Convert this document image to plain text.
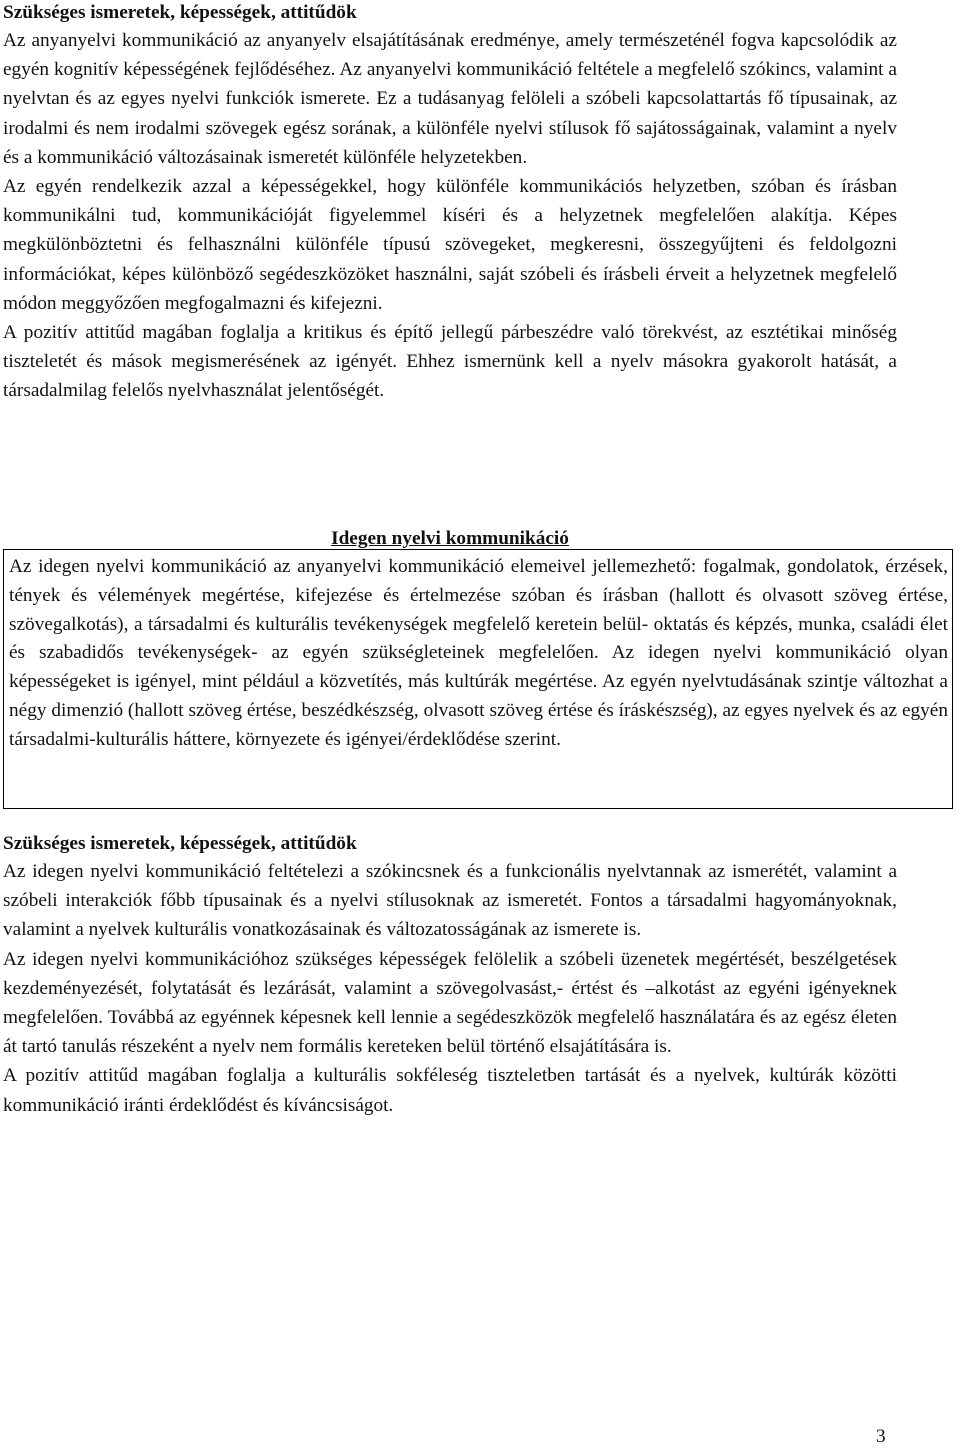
Szükséges ismeretek, képességek, attitűdök

Az anyanyelvi kommunikáció az anyanyelv elsajátításának eredménye, amely természeténél fogva kapcsolódik az egyén kognitív képességének fejlődéséhez. Az anyanyelvi kommunikáció feltétele a megfelelő szókincs, valamint a nyelvtan és az egyes nyelvi funkciók ismerete. Ez a tudásanyag felöleli a szóbeli kapcsolattartás fő típusainak, az irodalmi és nem irodalmi szövegek egész sorának, a különféle nyelvi stílusok fő sajátosságainak, valamint a nyelv és a kommunikáció változásainak ismeretét különféle helyzetekben.

Az egyén rendelkezik azzal a képességekkel, hogy különféle kommunikációs helyzetben, szóban és írásban kommunikálni tud, kommunikációját figyelemmel kíséri és a helyzetnek megfelelően alakítja. Képes megkülönböztetni és felhasználni különféle típusú szövegeket, megkeresni, összegyűjteni és feldolgozni információkat, képes különböző segédeszközöket használni, saját szóbeli és írásbeli érveit a helyzetnek megfelelő módon meggyőzően megfogalmazni és kifejezni.

A pozitív attitűd magában foglalja a kritikus és építő jellegű párbeszédre való törekvést, az esztétikai minőség tiszteletét és mások megismerésének az igényét. Ehhez ismernünk kell a nyelv másokra gyakorolt hatását, a társadalmilag felelős nyelvhasználat jelentőségét.

Idegen nyelvi kommunikáció

Az idegen nyelvi kommunikáció az anyanyelvi kommunikáció elemeivel jellemezhető: fogalmak, gondolatok, érzések, tények és vélemények megértése, kifejezése és értelmezése szóban és írásban (hallott és olvasott szöveg értése, szövegalkotás), a társadalmi és kulturális tevékenységek megfelelő keretein belül- oktatás és képzés, munka, családi élet és szabadidős tevékenységek- az egyén szükségleteinek megfelelően. Az idegen nyelvi kommunikáció olyan képességeket is igényel, mint például a közvetítés, más kultúrák megértése. Az egyén nyelvtudásának szintje változhat a négy dimenzió (hallott szöveg értése, beszédkészség, olvasott szöveg értése és íráskészség), az egyes nyelvek és az egyén társadalmi-kulturális háttere, környezete és igényei/érdeklődése szerint.

Szükséges ismeretek, képességek, attitűdök

Az idegen nyelvi kommunikáció feltételezi a szókincsnek és a funkcionális nyelvtannak az ismerétét, valamint a szóbeli interakciók főbb típusainak és a nyelvi stílusoknak az ismeretét. Fontos a társadalmi hagyományoknak, valamint a nyelvek kulturális vonatkozásainak és változatosságának az ismerete is.

Az idegen nyelvi kommunikációhoz szükséges képességek felölelik a szóbeli üzenetek megértését, beszélgetések kezdeményezését, folytatását és lezárását, valamint a szövegolvasást,- értést és –alkotást az egyéni igényeknek megfelelően. Továbbá az egyénnek képesnek kell lennie a segédeszközök megfelelő használatára és az egész életen át tartó tanulás részeként a nyelv nem formális kereteken belül történő elsajátítására is.

A pozitív attitűd magában foglalja a kulturális sokféleség tiszteletben tartását és a nyelvek, kultúrák közötti kommunikáció iránti érdeklődést és kíváncsiságot.

3
